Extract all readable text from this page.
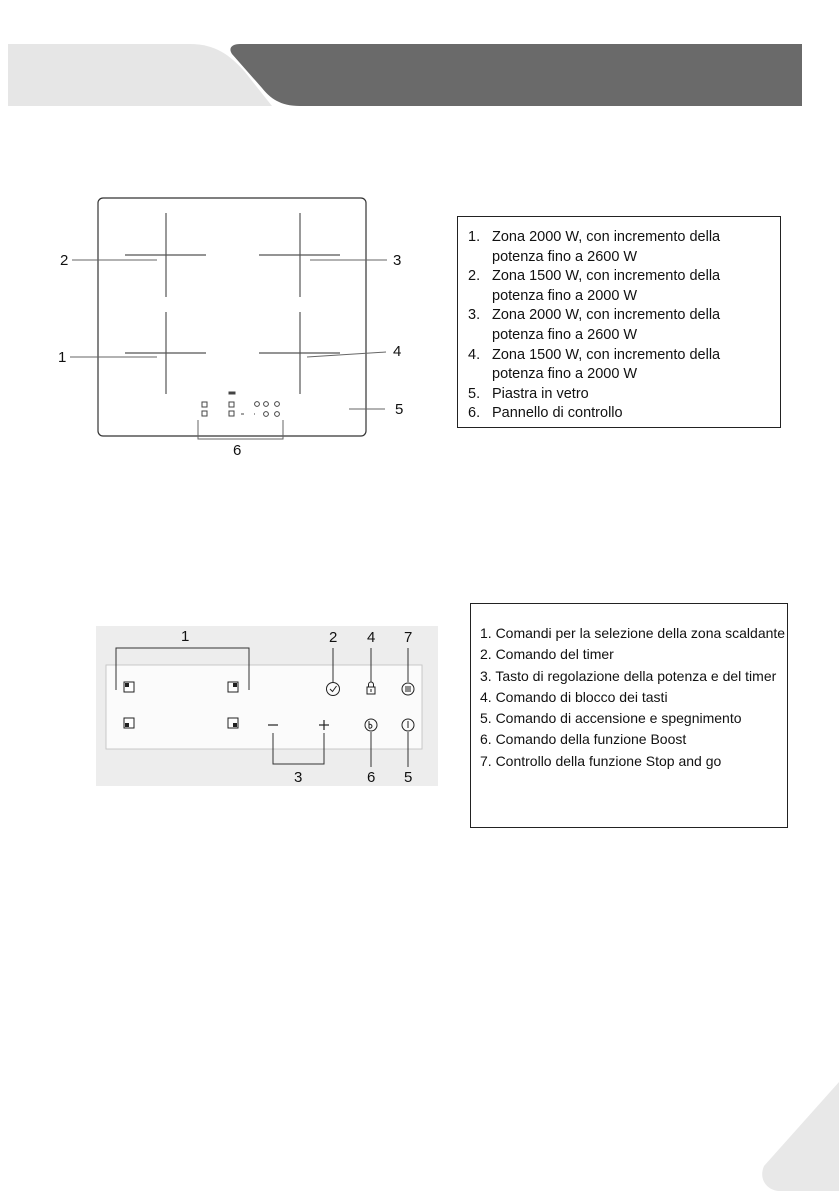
1
2	3
4
5
6
1. Zona 2000 W, con incremento della potenza fino a 2600 W
2. Zona 1500 W, con incremento della potenza fino a 2000 W
3. Zona 2000 W, con incremento della potenza fino a 2600 W
4. Zona 1500 W, con incremento della potenza fino a 2000 W
5. Piastra in vetro
6. Pannello di controllo
1	2 4 7
3	6 5
1. Comandi per la selezione della zona scaldante
2. Comando del timer
3. Tasto di regolazione della potenza e del timer
4. Comando di blocco dei tasti
5. Comando di accensione e spegnimento
6. Comando della funzione Boost
7. Controllo della funzione Stop and go
